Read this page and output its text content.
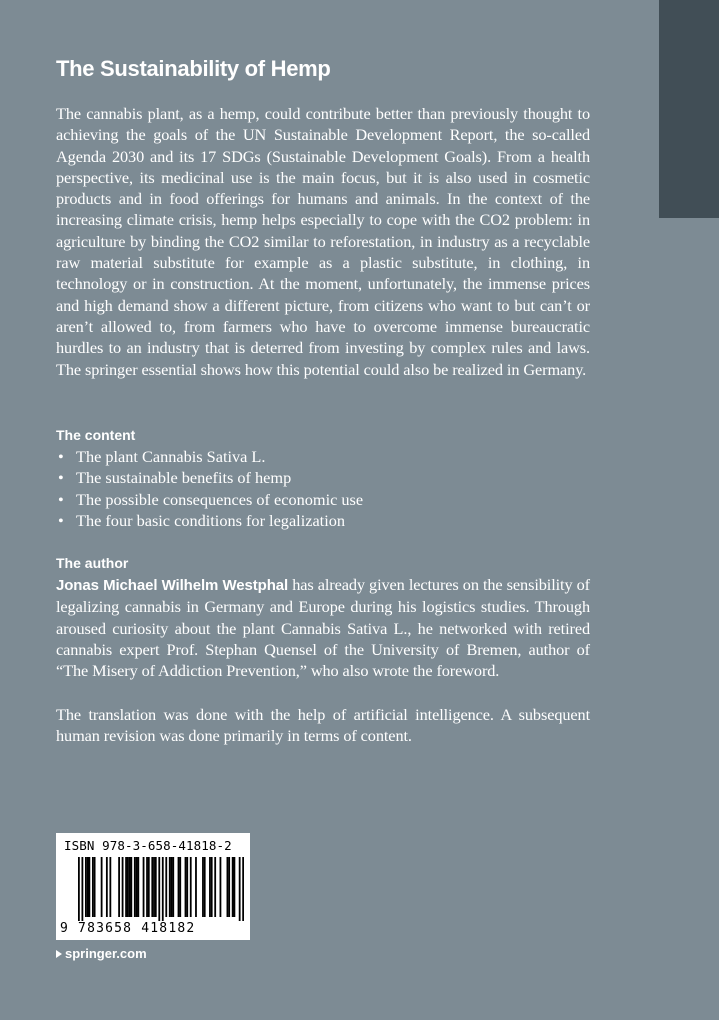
The Sustainability of Hemp
The cannabis plant, as a hemp, could contribute better than previously thought to achieving the goals of the UN Sustainable Development Report, the so-called Agenda 2030 and its 17 SDGs (Sustainable Development Goals). From a health perspective, its medicinal use is the main focus, but it is also used in cosmetic products and in food offerings for humans and animals. In the context of the increasing climate crisis, hemp helps especially to cope with the CO2 problem: in agriculture by binding the CO2 similar to reforestation, in industry as a recyclable raw material substitute for example as a plastic substitute, in clothing, in technology or in construction. At the moment, unfortunately, the immense prices and high demand show a different picture, from citizens who want to but can’t or aren’t allowed to, from farmers who have to overcome immense bureaucratic hurdles to an industry that is deterred from investing by complex rules and laws. The springer essential shows how this potential could also be realized in Germany.
The content
• The plant Cannabis Sativa L.
• The sustainable benefits of hemp
• The possible consequences of economic use
• The four basic conditions for legalization
The author
Jonas Michael Wilhelm Westphal has already given lectures on the sensibility of legalizing cannabis in Germany and Europe during his logistics studies. Through aroused curiosity about the plant Cannabis Sativa L., he networked with retired cannabis expert Prof. Stephan Quensel of the University of Bremen, author of “The Misery of Addiction Prevention,” who also wrote the foreword.
The translation was done with the help of artificial intelligence. A subsequent human revision was done primarily in terms of content.
ISBN 978-3-658-41818-2
9 783658 418182
springer.com
